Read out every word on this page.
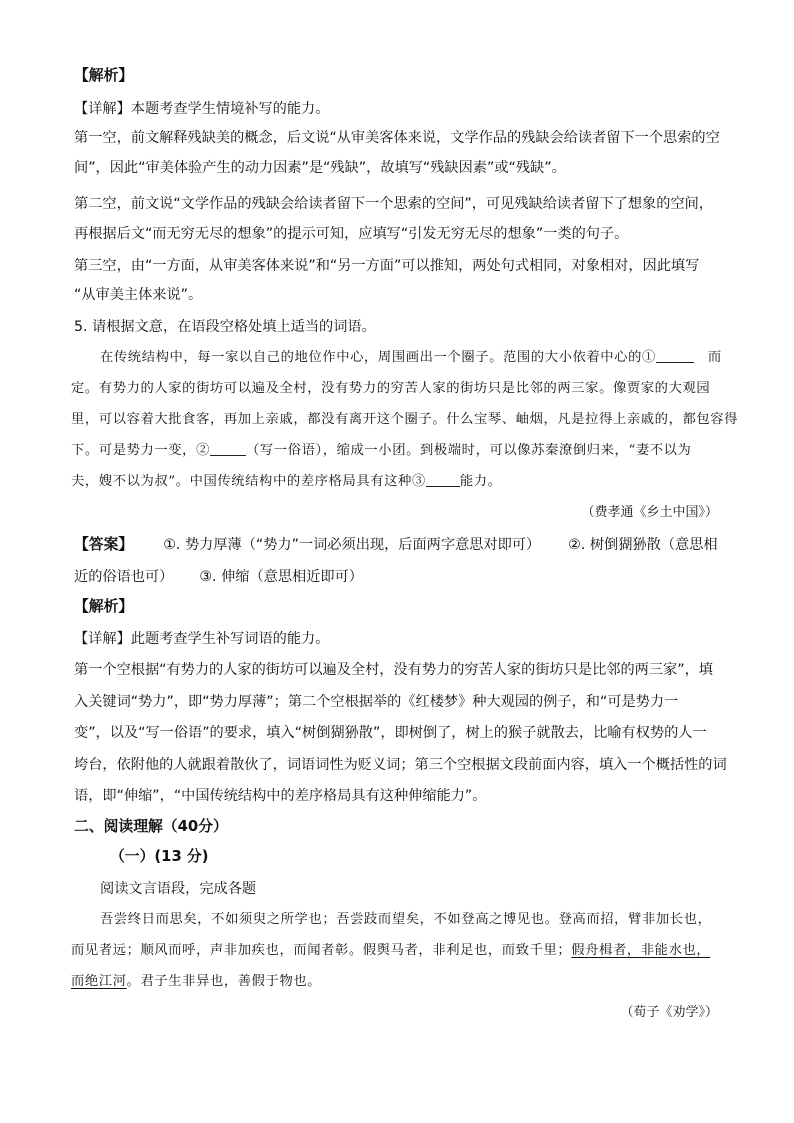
【解析】
【详解】本题考查学生情境补写的能力。
第一空，前文解释残缺美的概念，后文说“从审美客体来说，文学作品的残缺会给读者留下一个思索的空
间”，因此“审美体验产生的动力因素”是“残缺”，故填写“残缺因素”或“残缺”。
第二空，前文说“文学作品的残缺会给读者留下一个思索的空间”，可见残缺给读者留下了想象的空间，
再根据后文“而无穷无尽的想象”的提示可知，应填写“引发无穷无尽的想象”一类的句子。
第三空，由“一方面，从审美客体来说”和“另一方面”可以推知，两处句式相同，对象相对，因此填写
“从审美主体来说”。
5. 请根据文意，在语段空格处填上适当的词语。
在传统结构中，每一家以自己的地位作中心，周围画出一个圈子。范围的大小依着中心的①	而
定。有势力的人家的街坊可以遍及全村，没有势力的穷苦人家的街坊只是比邻的两三家。像贾家的大观园
里，可以容着大批食客，再加上亲戚，都没有离开这个圈子。什么宝琴、岫烟，凡是拉得上亲戚的，都包容得
下。可是势力一变，②	（写一俗语），缩成一小团。到极端时，可以像苏秦潦倒归来，“妻不以为
夫，嫂不以为叔”。中国传统结构中的差序格局具有这种③	能力。
（费孝通《乡土中国》）
【答案】 ①. 势力厚薄（“势力”一词必须出现，后面两字意思对即可） ②. 树倒猢狲散（意思相
近的俗语也可） ③. 伸缩（意思相近即可）
【解析】
【详解】此题考查学生补写词语的能力。
第一个空根据“有势力的人家的街坊可以遍及全村，没有势力的穷苦人家的街坊只是比邻的两三家”，填
入关键词“势力”，即“势力厚薄”；第二个空根据举的《红楼梦》种大观园的例子，和“可是势力一
变”，以及“写一俗语”的要求，填入“树倒猢狲散”，即树倒了，树上的猴子就散去，比喻有权势的人一
垮台，依附他的人就跟着散伙了，词语词性为贬义词；第三个空根据文段前面内容，填入一个概括性的词
语，即“伸缩”，“中国传统结构中的差序格局具有这种伸缩能力”。
二、阅读理解（40分）
（一）(13 分)
阅读文言语段，完成各题
吾尝终日而思矣，不如须臾之所学也；吾尝跂而望矣，不如登高之博见也。登高而招，臂非加长也，
而见者远；顺风而呼，声非加疾也，而闻者彰。假舆马者，非利足也，而致千里；假舟楫者，非能水也，
而绝江河。君子生非异也，善假于物也。
（荀子《劝学》）
